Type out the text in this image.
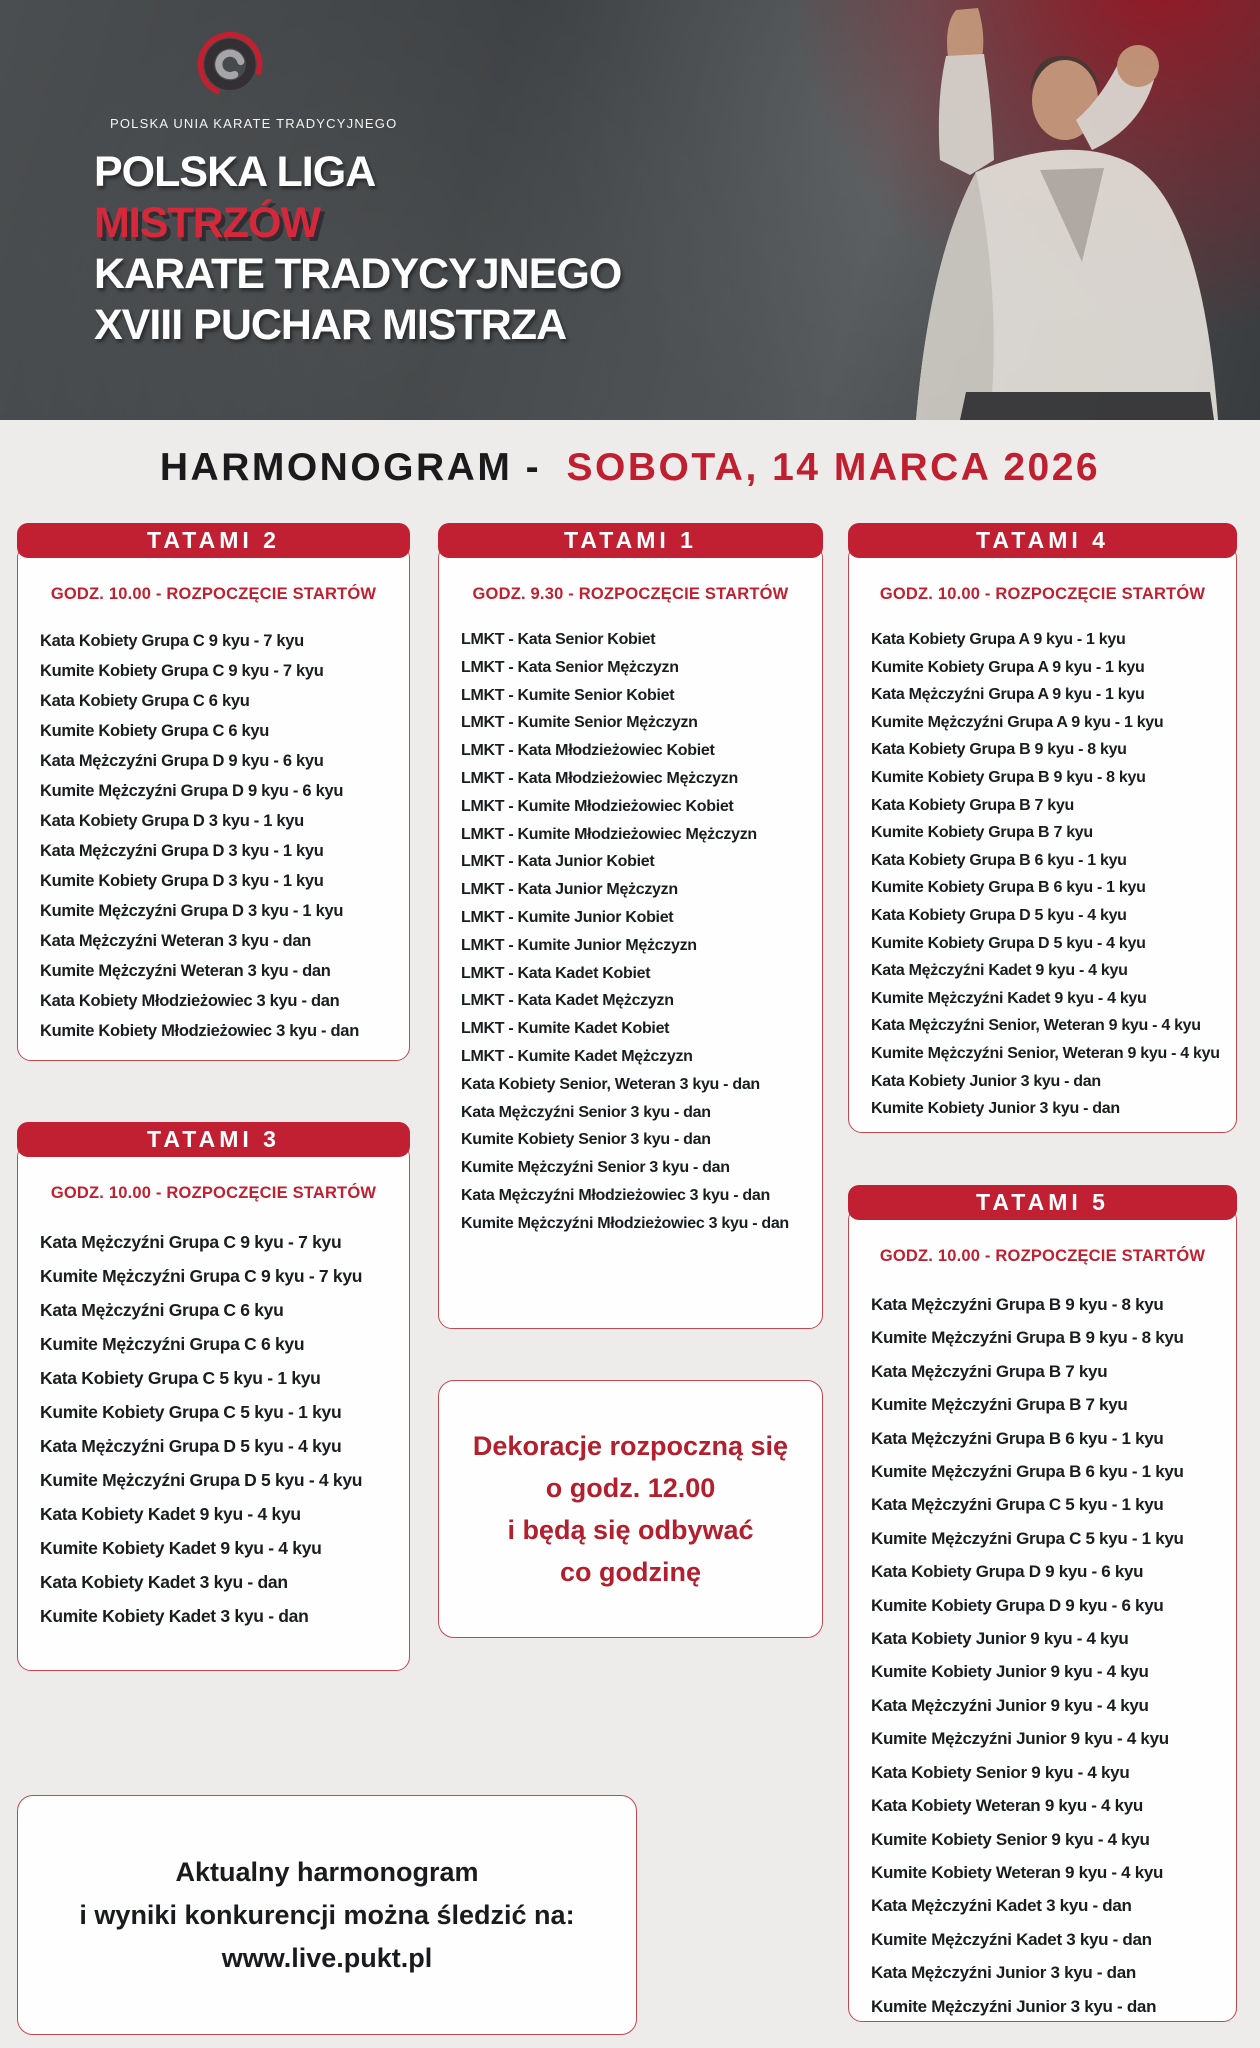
POLSKA UNIA KARATE TRADYCYJNEGO
POLSKA LIGA
MISTRZÓW
KARATE TRADYCYJNEGO
XVIII PUCHAR MISTRZA
HARMONOGRAM - SOBOTA, 14 MARCA 2026
TATAMI 2
GODZ. 10.00 - ROZPOCZĘCIE STARTÓW
Kata Kobiety Grupa C 9 kyu - 7 kyu
Kumite Kobiety Grupa C 9 kyu - 7 kyu
Kata Kobiety Grupa C 6 kyu
Kumite Kobiety Grupa C 6 kyu
Kata Mężczyźni Grupa D 9 kyu - 6 kyu
Kumite Mężczyźni Grupa D 9 kyu - 6 kyu
Kata Kobiety Grupa D 3 kyu - 1 kyu
Kata Mężczyźni Grupa D 3 kyu - 1 kyu
Kumite Kobiety Grupa D 3 kyu - 1 kyu
Kumite Mężczyźni Grupa D 3 kyu - 1 kyu
Kata Mężczyźni Weteran 3 kyu - dan
Kumite Mężczyźni Weteran 3 kyu - dan
Kata Kobiety Młodzieżowiec 3 kyu - dan
Kumite Kobiety Młodzieżowiec 3 kyu - dan
TATAMI 1
GODZ. 9.30 - ROZPOCZĘCIE STARTÓW
LMKT - Kata Senior Kobiet
LMKT - Kata Senior Mężczyzn
LMKT - Kumite Senior Kobiet
LMKT - Kumite Senior Mężczyzn
LMKT - Kata Młodzieżowiec Kobiet
LMKT - Kata Młodzieżowiec Mężczyzn
LMKT - Kumite Młodzieżowiec Kobiet
LMKT - Kumite Młodzieżowiec Mężczyzn
LMKT - Kata Junior Kobiet
LMKT - Kata Junior Mężczyzn
LMKT - Kumite Junior Kobiet
LMKT - Kumite Junior Mężczyzn
LMKT - Kata Kadet Kobiet
LMKT - Kata Kadet Mężczyzn
LMKT - Kumite Kadet Kobiet
LMKT - Kumite Kadet Mężczyzn
Kata Kobiety Senior, Weteran 3 kyu - dan
Kata Mężczyźni Senior 3 kyu - dan
Kumite Kobiety Senior 3 kyu - dan
Kumite Mężczyźni Senior 3 kyu - dan
Kata Mężczyźni Młodzieżowiec 3 kyu - dan
Kumite Mężczyźni Młodzieżowiec 3 kyu - dan
TATAMI 4
GODZ. 10.00 - ROZPOCZĘCIE STARTÓW
Kata Kobiety Grupa A 9 kyu - 1 kyu
Kumite Kobiety Grupa A 9 kyu - 1 kyu
Kata Mężczyźni Grupa A 9 kyu - 1 kyu
Kumite Mężczyźni Grupa A 9 kyu - 1 kyu
Kata Kobiety Grupa B 9 kyu - 8 kyu
Kumite Kobiety Grupa B 9 kyu - 8 kyu
Kata Kobiety Grupa B 7 kyu
Kumite Kobiety Grupa B 7 kyu
Kata Kobiety Grupa B 6 kyu - 1 kyu
Kumite Kobiety Grupa B 6 kyu - 1 kyu
Kata Kobiety Grupa D 5 kyu - 4 kyu
Kumite Kobiety Grupa D 5 kyu - 4 kyu
Kata Mężczyźni Kadet 9 kyu - 4 kyu
Kumite Mężczyźni Kadet 9 kyu - 4 kyu
Kata Mężczyźni Senior, Weteran 9 kyu - 4 kyu
Kumite Mężczyźni Senior, Weteran 9 kyu - 4 kyu
Kata Kobiety Junior 3 kyu - dan
Kumite Kobiety Junior 3 kyu - dan
TATAMI 3
GODZ. 10.00 - ROZPOCZĘCIE STARTÓW
Kata Mężczyźni Grupa C 9 kyu - 7 kyu
Kumite Mężczyźni Grupa C 9 kyu - 7 kyu
Kata Mężczyźni Grupa C 6 kyu
Kumite Mężczyźni Grupa C 6 kyu
Kata Kobiety Grupa C 5 kyu - 1 kyu
Kumite Kobiety Grupa C 5 kyu - 1 kyu
Kata Mężczyźni Grupa D 5 kyu - 4 kyu
Kumite Mężczyźni Grupa D 5 kyu - 4 kyu
Kata Kobiety Kadet 9 kyu - 4 kyu
Kumite Kobiety Kadet 9 kyu - 4 kyu
Kata Kobiety Kadet 3 kyu - dan
Kumite Kobiety Kadet 3 kyu - dan
TATAMI 5
GODZ. 10.00 - ROZPOCZĘCIE STARTÓW
Kata Mężczyźni Grupa B 9 kyu - 8 kyu
Kumite Mężczyźni Grupa B 9 kyu - 8 kyu
Kata Mężczyźni Grupa B 7 kyu
Kumite Mężczyźni Grupa B 7 kyu
Kata Mężczyźni Grupa B 6 kyu - 1 kyu
Kumite Mężczyźni Grupa B 6 kyu - 1 kyu
Kata Mężczyźni Grupa C 5 kyu - 1 kyu
Kumite Mężczyźni Grupa C 5 kyu - 1 kyu
Kata Kobiety Grupa D 9 kyu - 6 kyu
Kumite Kobiety Grupa D 9 kyu - 6 kyu
Kata Kobiety Junior 9 kyu - 4 kyu
Kumite Kobiety Junior 9 kyu - 4 kyu
Kata Mężczyźni Junior 9 kyu - 4 kyu
Kumite Mężczyźni Junior 9 kyu - 4 kyu
Kata Kobiety Senior 9 kyu - 4 kyu
Kata Kobiety Weteran 9 kyu - 4 kyu
Kumite Kobiety Senior 9 kyu - 4 kyu
Kumite Kobiety Weteran 9 kyu - 4 kyu
Kata Mężczyźni Kadet 3 kyu - dan
Kumite Mężczyźni Kadet 3 kyu - dan
Kata Mężczyźni Junior 3 kyu - dan
Kumite Mężczyźni Junior 3 kyu - dan
Dekoracje rozpoczną się
o godz. 12.00
i będą się odbywać
co godzinę
Aktualny harmonogram
i wyniki konkurencji można śledzić na:
www.live.pukt.pl
